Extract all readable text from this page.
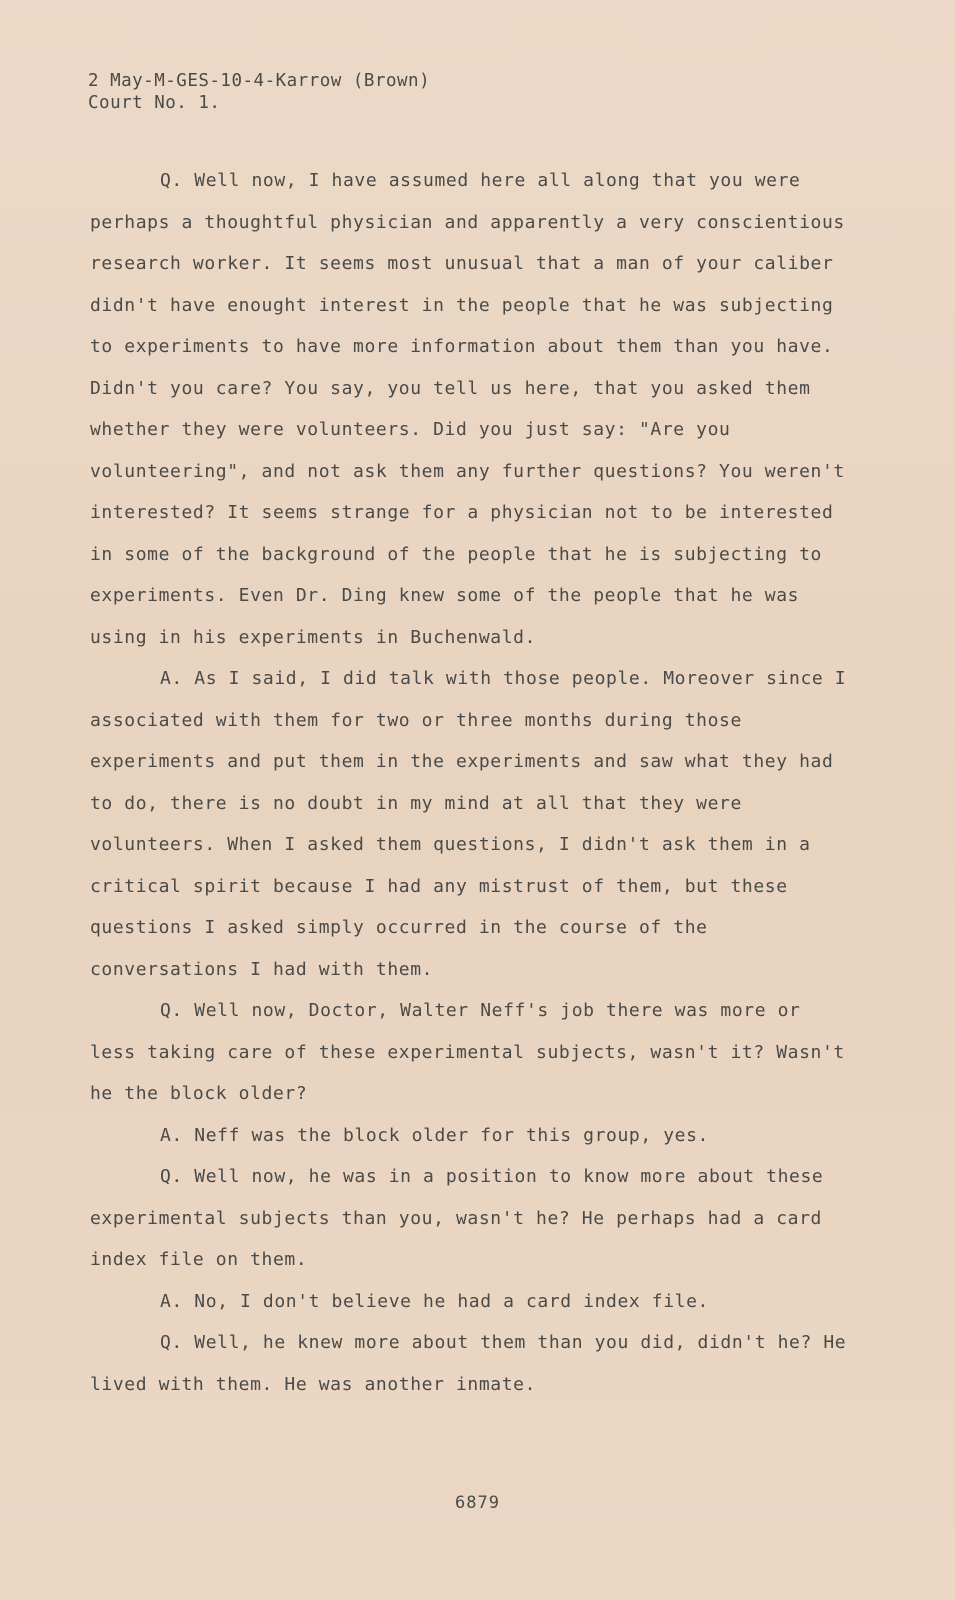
2 May-M-GES-10-4-Karrow (Brown)
Court No. 1.

Q. Well now, I have assumed here all along that you were perhaps a thoughtful physician and apparently a very conscientious research worker. It seems most unusual that a man of your caliber didn't have enought interest in the people that he was subjecting to experiments to have more information about them than you have. Didn't you care? You say, you tell us here, that you asked them whether they were volunteers. Did you just say: "Are you volunteering", and not ask them any further questions? You weren't interested? It seems strange for a physician not to be interested in some of the background of the people that he is subjecting to experiments. Even Dr. Ding knew some of the people that he was using in his experiments in Buchenwald.

A. As I said, I did talk with those people. Moreover since I associated with them for two or three months during those experiments and put them in the experiments and saw what they had to do, there is no doubt in my mind at all that they were volunteers. When I asked them questions, I didn't ask them in a critical spirit because I had any mistrust of them, but these questions I asked simply occurred in the course of the conversations I had with them.

Q. Well now, Doctor, Walter Neff's job there was more or less taking care of these experimental subjects, wasn't it? Wasn't he the block older?

A. Neff was the block older for this group, yes.

Q. Well now, he was in a position to know more about these experimental subjects than you, wasn't he? He perhaps had a card index file on them.

A. No, I don't believe he had a card index file.

Q. Well, he knew more about them than you did, didn't he? He lived with them. He was another inmate.

6879
